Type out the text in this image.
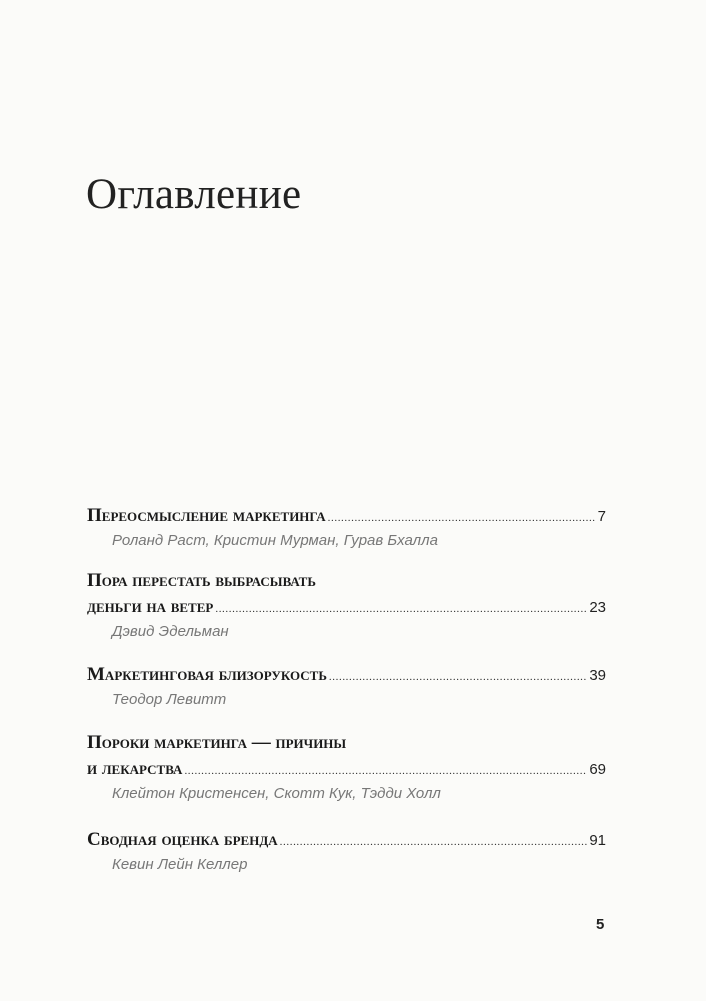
Оглавление
Переосмысление маркетинга .....	7
Роланд Раст, Кристин Мурман, Гурав Бхалла
Пора перестать выбрасывать
деньги на ветер .....	23
Дэвид Эдельман
Маркетинговая близорукость .....	39
Теодор Левитт
Пороки маркетинга — причины
и лекарства .....	69
Клейтон Кристенсен, Скотт Кук, Тэдди Холл
Сводная оценка бренда .....	91
Кевин Лейн Келлер
5
